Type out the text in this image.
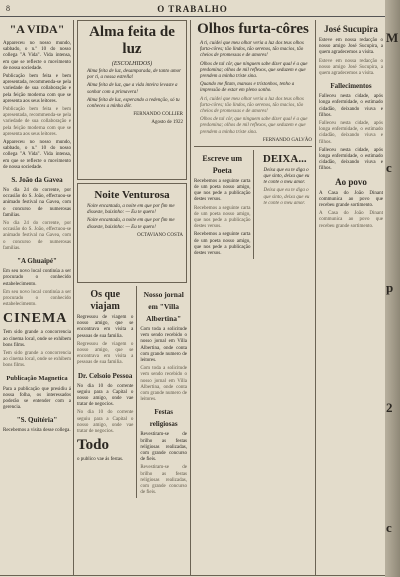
8	O TRABALHO
"A VIDA"

Appareceu no nosso mundo, sabbado, o n.º 10 do nosso collega "A Vida". Vida intensa, em que se reflecte o movimento de nossa sociedade.

Publicação bem feita e bem apresentada, recommenda-se pela variedade de sua collaboração e pela feição moderna com que se apresenta aos seus leitores.

Publicação bem feita e bem apresentada, recommenda-se pela variedade de sua collaboração e pela feição moderna com que se apresenta aos seus leitores.

Appareceu no nosso mundo, sabbado, o n.º 10 do nosso collega "A Vida". Vida intensa, em que se reflecte o movimento de nossa sociedade.

S. João da Gavea

No dia 24 do corrente, por occasião do S. João, effectuou-se animado festival na Gavea, com o concurso de numerosas familias.

No dia 24 do corrente, por occasião do S. João, effectuou-se animado festival na Gavea, com o concurso de numerosas familias.

"A Ghuaipé"

Em seu novo local continúa a ser procurado o conhecido estabelecimento.

Em seu novo local continúa a ser procurado o conhecido estabelecimento.

CINEMA

Tem sido grande a concorrencia ao cinema local, onde se exhibem bons films.

Tem sido grande a concorrencia ao cinema local, onde se exhibem bons films.

Publicação Magnetica

Para a publicação que presidiu á nossa folha, os interessados poderão se entender com a gerencia.

"S. Quitéria"

Recebemos a visita desse collega.

Alma feita de luz
(ESCOLHIDOS)

Alma feita de luz, desamparada, de tanto amor por ti, a nossa estrella!

Alma feita de luz, que a vida inteira levaste a sonhar com a primavera!

Alma feita de luz, esperando a redenção, só tu conheces a minha dôr.

FERNANDO COLLIER
Agosto de 1922
Noite Venturosa

Noite encantada, a noite em que por fim me disseste, baixinho: — Eu te quero!

Noite encantada, a noite em que por fim me disseste, baixinho: — Eu te quero!

OCTAVIANO COSTA
Os que viajam

Regressou de viagem o nosso amigo, que se encontrava em visita a pessoas de sua familia.

Regressou de viagem o nosso amigo, que se encontrava em visita a pessoas de sua familia.

Dr. Celsoio Pessoa

No dia 10 do corrente seguiu para a Capital o nosso amigo, onde vae tratar de negocios.

No dia 10 do corrente seguiu para a Capital o nosso amigo, onde vae tratar de negocios.

Todo

o publico vae ás festas.

Nosso jornal em "Villa Albertina"

Com toda a solicitude vem sendo recebido o nosso jornal em Villa Albertina, onde conta com grande numero de leitores.

Com toda a solicitude vem sendo recebido o nosso jornal em Villa Albertina, onde conta com grande numero de leitores.

Festas religiosas

Revestiram-se de brilho as festas religiosas realizadas, com grande concurso de fieis.

Revestiram-se de brilho as festas religiosas realizadas, com grande concurso de fieis.

Olhos furta-côres

A ti, cuidei que meu olhar veria a luz dos teus olhos furta-côres; tão lindos, tão serenos, tão macios, tão cheios de promessas e de amores!

Olhos de tal côr, que ninguem sabe dizer qual é a que predomina; olhos de mil reflexos, que seduzem e que prendem a minha triste sina.

Quando me fitam, mansos e tristonhos, tenho a impressão de estar em pleno sonho.

A ti, cuidei que meu olhar veria a luz dos teus olhos furta-côres; tão lindos, tão serenos, tão macios, tão cheios de promessas e de amores!

Olhos de tal côr, que ninguem sabe dizer qual é a que predomina; olhos de mil reflexos, que seduzem e que prendem a minha triste sina.

FERNANDO GALVÃO
Escreve um Poeta

Recebemos a seguinte carta de um poeta nosso amigo, que nos pede a publicação destes versos.

Recebemos a seguinte carta de um poeta nosso amigo, que nos pede a publicação destes versos.

Recebemos a seguinte carta de um poeta nosso amigo, que nos pede a publicação destes versos.

DEIXA...

Deixa que eu te diga o que sinto, deixa que eu te conte o meu amor.

Deixa que eu te diga o que sinto, deixa que eu te conte o meu amor.

José Sucupira

Esteve em nossa redacção o nosso amigo José Sucupira, a quem agradecemos a visita.

Esteve em nossa redacção o nosso amigo José Sucupira, a quem agradecemos a visita.

Fallecimentos

Falleceu nesta cidade, após longa enfermidade, o estimado cidadão, deixando viuva e filhos.

Falleceu nesta cidade, após longa enfermidade, o estimado cidadão, deixando viuva e filhos.

Falleceu nesta cidade, após longa enfermidade, o estimado cidadão, deixando viuva e filhos.

Ao povo

A Casa do João Dinant communica ao povo que recebeu grande sortimento.

A Casa do João Dinant communica ao povo que recebeu grande sortimento.

M
c
p
2
c
